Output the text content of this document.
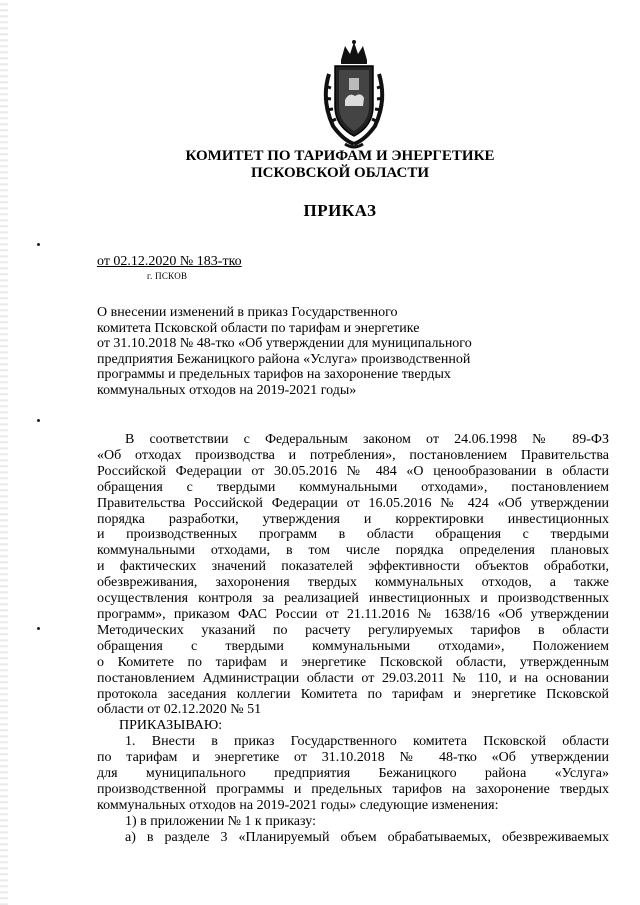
КОМИТЕТ ПО ТАРИФАМ И ЭНЕРГЕТИКЕ
ПСКОВСКОЙ ОБЛАСТИ
ПРИКАЗ
от 02.12.2020 № 183-тко
г. ПСКОВ
О внесении изменений в приказ Государственного
комитета Псковской области по тарифам и энергетике
от 31.10.2018 № 48-тко «Об утверждении для муниципального
предприятия Бежаницкого района «Услуга» производственной
программы и предельных тарифов на захоронение твердых
коммунальных отходов на 2019-2021 годы»
В соответствии с Федеральным законом от 24.06.1998 № 89-ФЗ
«Об отходах производства и потребления», постановлением Правительства
Российской Федерации от 30.05.2016 № 484 «О ценообразовании в области
обращения с твердыми коммунальными отходами», постановлением
Правительства Российской Федерации от 16.05.2016 № 424 «Об утверждении
порядка разработки, утверждения и корректировки инвестиционных
и производственных программ в области обращения с твердыми
коммунальными отходами, в том числе порядка определения плановых
и фактических значений показателей эффективности объектов обработки,
обезвреживания, захоронения твердых коммунальных отходов, а также
осуществления контроля за реализацией инвестиционных и производственных
программ», приказом ФАС России от 21.11.2016 № 1638/16 «Об утверждении
Методических указаний по расчету регулируемых тарифов в области
обращения с твердыми коммунальными отходами», Положением
о Комитете по тарифам и энергетике Псковской области, утвержденным
постановлением Администрации области от 29.03.2011 № 110, и на основании
протокола заседания коллегии Комитета по тарифам и энергетике Псковской
области от 02.12.2020 № 51
ПРИКАЗЫВАЮ:
1. Внести в приказ Государственного комитета Псковской области
по тарифам и энергетике от 31.10.2018 № 48-тко «Об утверждении
для муниципального предприятия Бежаницкого района «Услуга»
производственной программы и предельных тарифов на захоронение твердых
коммунальных отходов на 2019-2021 годы» следующие изменения:
1) в приложении № 1 к приказу:
а) в разделе 3 «Планируемый объем обрабатываемых, обезвреживаемых
